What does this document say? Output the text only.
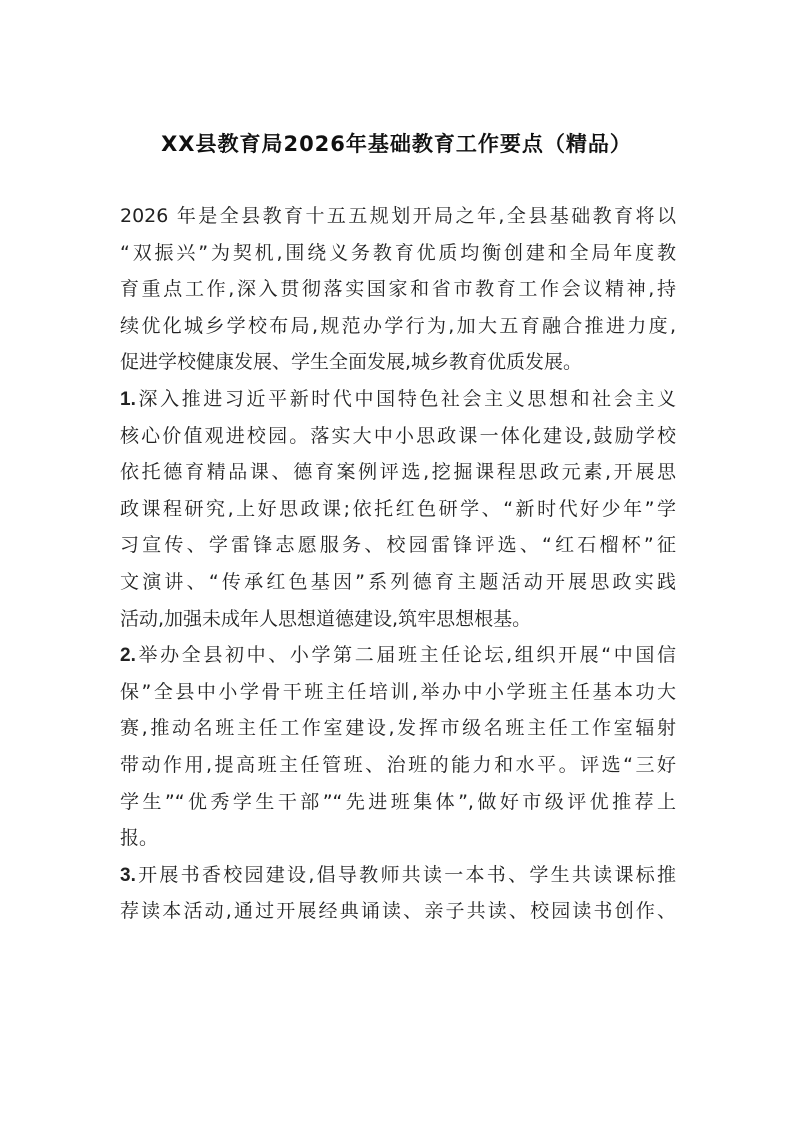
XX县教育局2026年基础教育工作要点（精品）
2026 年是全县教育十五五规划开局之年,全县基础教育将以
“双振兴”为契机,围绕义务教育优质均衡创建和全局年度教
育重点工作,深入贯彻落实国家和省市教育工作会议精神,持
续优化城乡学校布局,规范办学行为,加大五育融合推进力度,
促进学校健康发展、学生全面发展,城乡教育优质发展。
1.深入推进习近平新时代中国特色社会主义思想和社会主义
核心价值观进校园。落实大中小思政课一体化建设,鼓励学校
依托德育精品课、德育案例评选,挖掘课程思政元素,开展思
政课程研究,上好思政课;依托红色研学、“新时代好少年”学
习宣传、学雷锋志愿服务、校园雷锋评选、“红石榴杯”征
文演讲、“传承红色基因”系列德育主题活动开展思政实践
活动,加强未成年人思想道德建设,筑牢思想根基。
2.举办全县初中、小学第二届班主任论坛,组织开展“中国信
保”全县中小学骨干班主任培训,举办中小学班主任基本功大
赛,推动名班主任工作室建设,发挥市级名班主任工作室辐射
带动作用,提高班主任管班、治班的能力和水平。评选“三好
学生”“优秀学生干部”“先进班集体”,做好市级评优推荐上
报。
3.开展书香校园建设,倡导教师共读一本书、学生共读课标推
荐读本活动,通过开展经典诵读、亲子共读、校园读书创作、
